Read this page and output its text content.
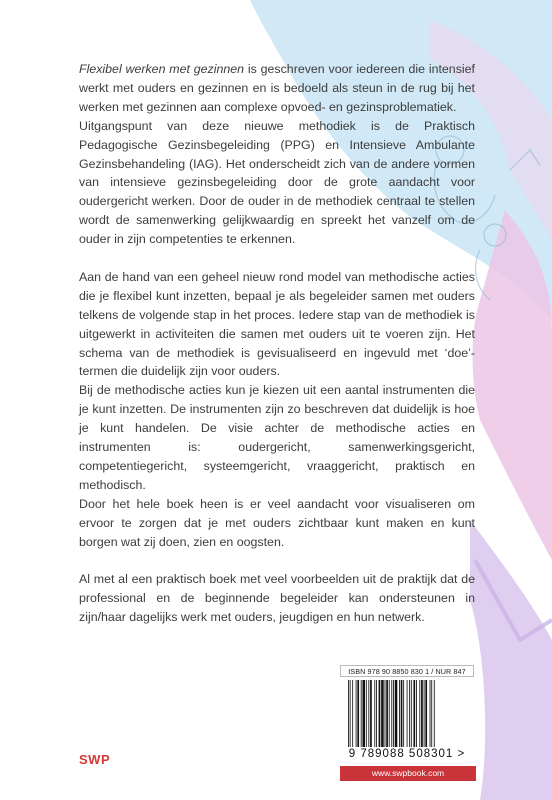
Flexibel werken met gezinnen is geschreven voor iedereen die intensief werkt met ouders en gezinnen en is bedoeld als steun in de rug bij het werken met gezinnen aan complexe opvoed- en gezinsproblematiek.

Uitgangspunt van deze nieuwe methodiek is de Praktisch Pedagogische Gezinsbegeleiding (PPG) en Intensieve Ambulante Gezinsbehandeling (IAG). Het onderscheidt zich van de andere vormen van intensieve gezinsbegeleiding door de grote aandacht voor oudergericht werken. Door de ouder in de methodiek centraal te stellen wordt de samenwerking gelijkwaardig en spreekt het vanzelf om de ouder in zijn competenties te erkennen.

Aan de hand van een geheel nieuw rond model van methodische acties die je flexibel kunt inzetten, bepaal je als begeleider samen met ouders telkens de volgende stap in het proces. Iedere stap van de methodiek is uitgewerkt in activiteiten die samen met ouders uit te voeren zijn. Het schema van de methodiek is gevisualiseerd en ingevuld met ‘doe’-termen die duidelijk zijn voor ouders.

Bij de methodische acties kun je kiezen uit een aantal instrumenten die je kunt inzetten. De instrumenten zijn zo beschreven dat duidelijk is hoe je kunt handelen. De visie achter de methodische acties en instrumenten is: oudergericht, samenwerkingsgericht, competentiegericht, systeemgericht, vraaggericht, praktisch en methodisch.

Door het hele boek heen is er veel aandacht voor visualiseren om ervoor te zorgen dat je met ouders zichtbaar kunt maken en kunt borgen wat zij doen, zien en oogsten.

Al met al een praktisch boek met veel voorbeelden uit de praktijk dat de professional en de beginnende begeleider kan ondersteunen in zijn/haar dagelijks werk met ouders, jeugdigen en hun netwerk.

ISBN 978 90 8850 830 1 / NUR 847
9 789088 508301 >
www.swpbook.com
SWP
